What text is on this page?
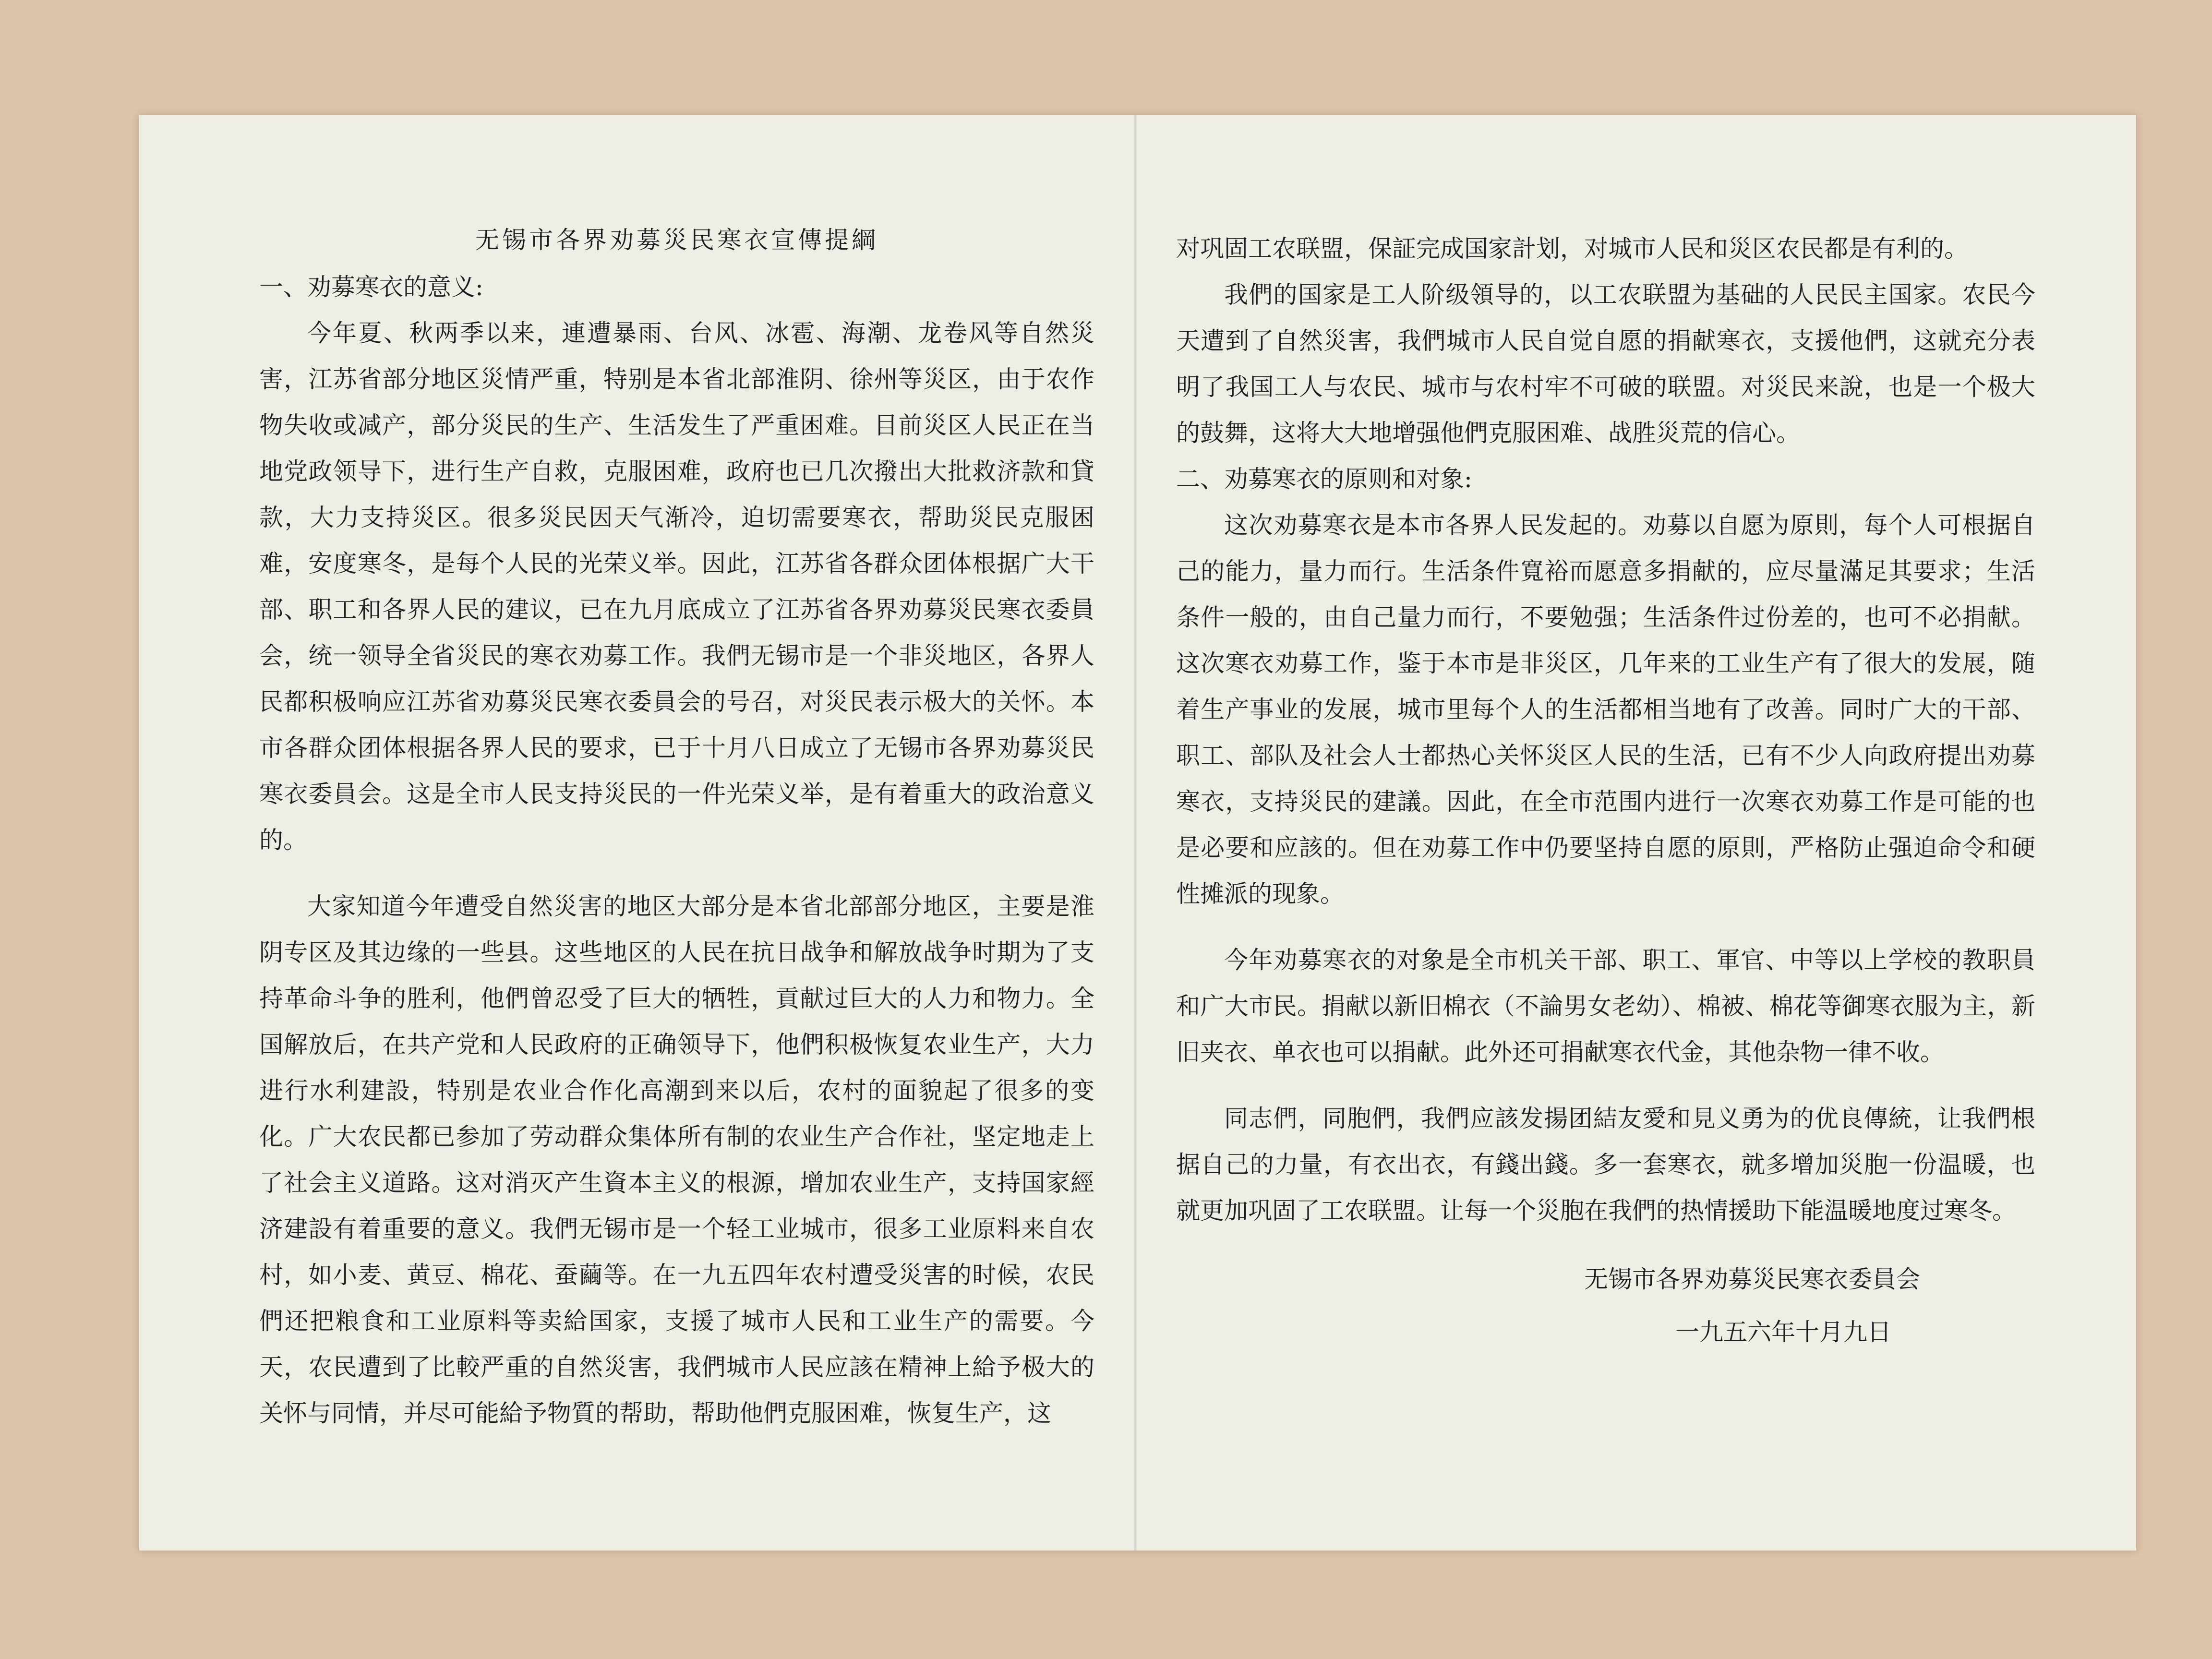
无锡市各界劝募災民寒衣宣傳提綱
一、劝募寒衣的意义:

今年夏、秋两季以来，連遭暴雨、台风、冰雹、海潮、龙卷风等自然災害，江苏省部分地区災情严重，特别是本省北部淮阴、徐州等災区，由于农作物失收或减产，部分災民的生产、生活发生了严重困难。目前災区人民正在当地党政领导下，进行生产自救，克服困难，政府也已几次撥出大批救济款和貸款，大力支持災区。很多災民因天气渐冷，迫切需要寒衣，帮助災民克服困难，安度寒冬，是每个人民的光荣义举。因此，江苏省各群众团体根据广大干部、职工和各界人民的建议，已在九月底成立了江苏省各界劝募災民寒衣委員会，统一领导全省災民的寒衣劝募工作。我們无锡市是一个非災地区，各界人民都积极响应江苏省劝募災民寒衣委員会的号召，对災民表示极大的关怀。本市各群众团体根据各界人民的要求，已于十月八日成立了无锡市各界劝募災民寒衣委員会。这是全市人民支持災民的一件光荣义举，是有着重大的政治意义的。

大家知道今年遭受自然災害的地区大部分是本省北部部分地区，主要是淮阴专区及其边缘的一些县。这些地区的人民在抗日战争和解放战争时期为了支持革命斗争的胜利，他們曾忍受了巨大的牺牲，貢献过巨大的人力和物力。全国解放后，在共产党和人民政府的正确领导下，他們积极恢复农业生产，大力进行水利建設，特别是农业合作化高潮到来以后，农村的面貌起了很多的变化。广大农民都已参加了劳动群众集体所有制的农业生产合作社，坚定地走上了社会主义道路。这对消灭产生資本主义的根源，增加农业生产，支持国家經济建設有着重要的意义。我們无锡市是一个轻工业城市，很多工业原料来自农村，如小麦、黄豆、棉花、蚕繭等。在一九五四年农村遭受災害的时候，农民們还把粮食和工业原料等卖給国家，支援了城市人民和工业生产的需要。今天，农民遭到了比較严重的自然災害，我們城市人民应該在精神上給予极大的关怀与同情，并尽可能給予物質的帮助，帮助他們克服困难，恢复生产，这

对巩固工农联盟，保証完成国家計划，对城市人民和災区农民都是有利的。

我們的国家是工人阶级領导的，以工农联盟为基础的人民民主国家。农民今天遭到了自然災害，我們城市人民自觉自愿的捐献寒衣，支援他們，这就充分表明了我国工人与农民、城市与农村牢不可破的联盟。对災民来說，也是一个极大的鼓舞，这将大大地增强他們克服困难、战胜災荒的信心。

二、劝募寒衣的原则和对象:

这次劝募寒衣是本市各界人民发起的。劝募以自愿为原則，每个人可根据自己的能力，量力而行。生活条件寬裕而愿意多捐献的，应尽量滿足其要求；生活条件一般的，由自己量力而行，不要勉强；生活条件过份差的，也可不必捐献。这次寒衣劝募工作，鉴于本市是非災区，几年来的工业生产有了很大的发展，随着生产事业的发展，城市里每个人的生活都相当地有了改善。同时广大的干部、职工、部队及社会人士都热心关怀災区人民的生活，已有不少人向政府提出劝募寒衣，支持災民的建議。因此，在全市范围内进行一次寒衣劝募工作是可能的也是必要和应該的。但在劝募工作中仍要坚持自愿的原則，严格防止强迫命令和硬性摊派的现象。

今年劝募寒衣的对象是全市机关干部、职工、軍官、中等以上学校的教职員和广大市民。捐献以新旧棉衣（不論男女老幼）、棉被、棉花等御寒衣服为主，新旧夹衣、单衣也可以捐献。此外还可捐献寒衣代金，其他杂物一律不收。

同志們，同胞們，我們应該发揚团結友愛和見义勇为的优良傳統，让我們根据自己的力量，有衣出衣，有錢出錢。多一套寒衣，就多增加災胞一份温暖，也就更加巩固了工农联盟。让每一个災胞在我們的热情援助下能温暖地度过寒冬。

无锡市各界劝募災民寒衣委員会
一九五六年十月九日
